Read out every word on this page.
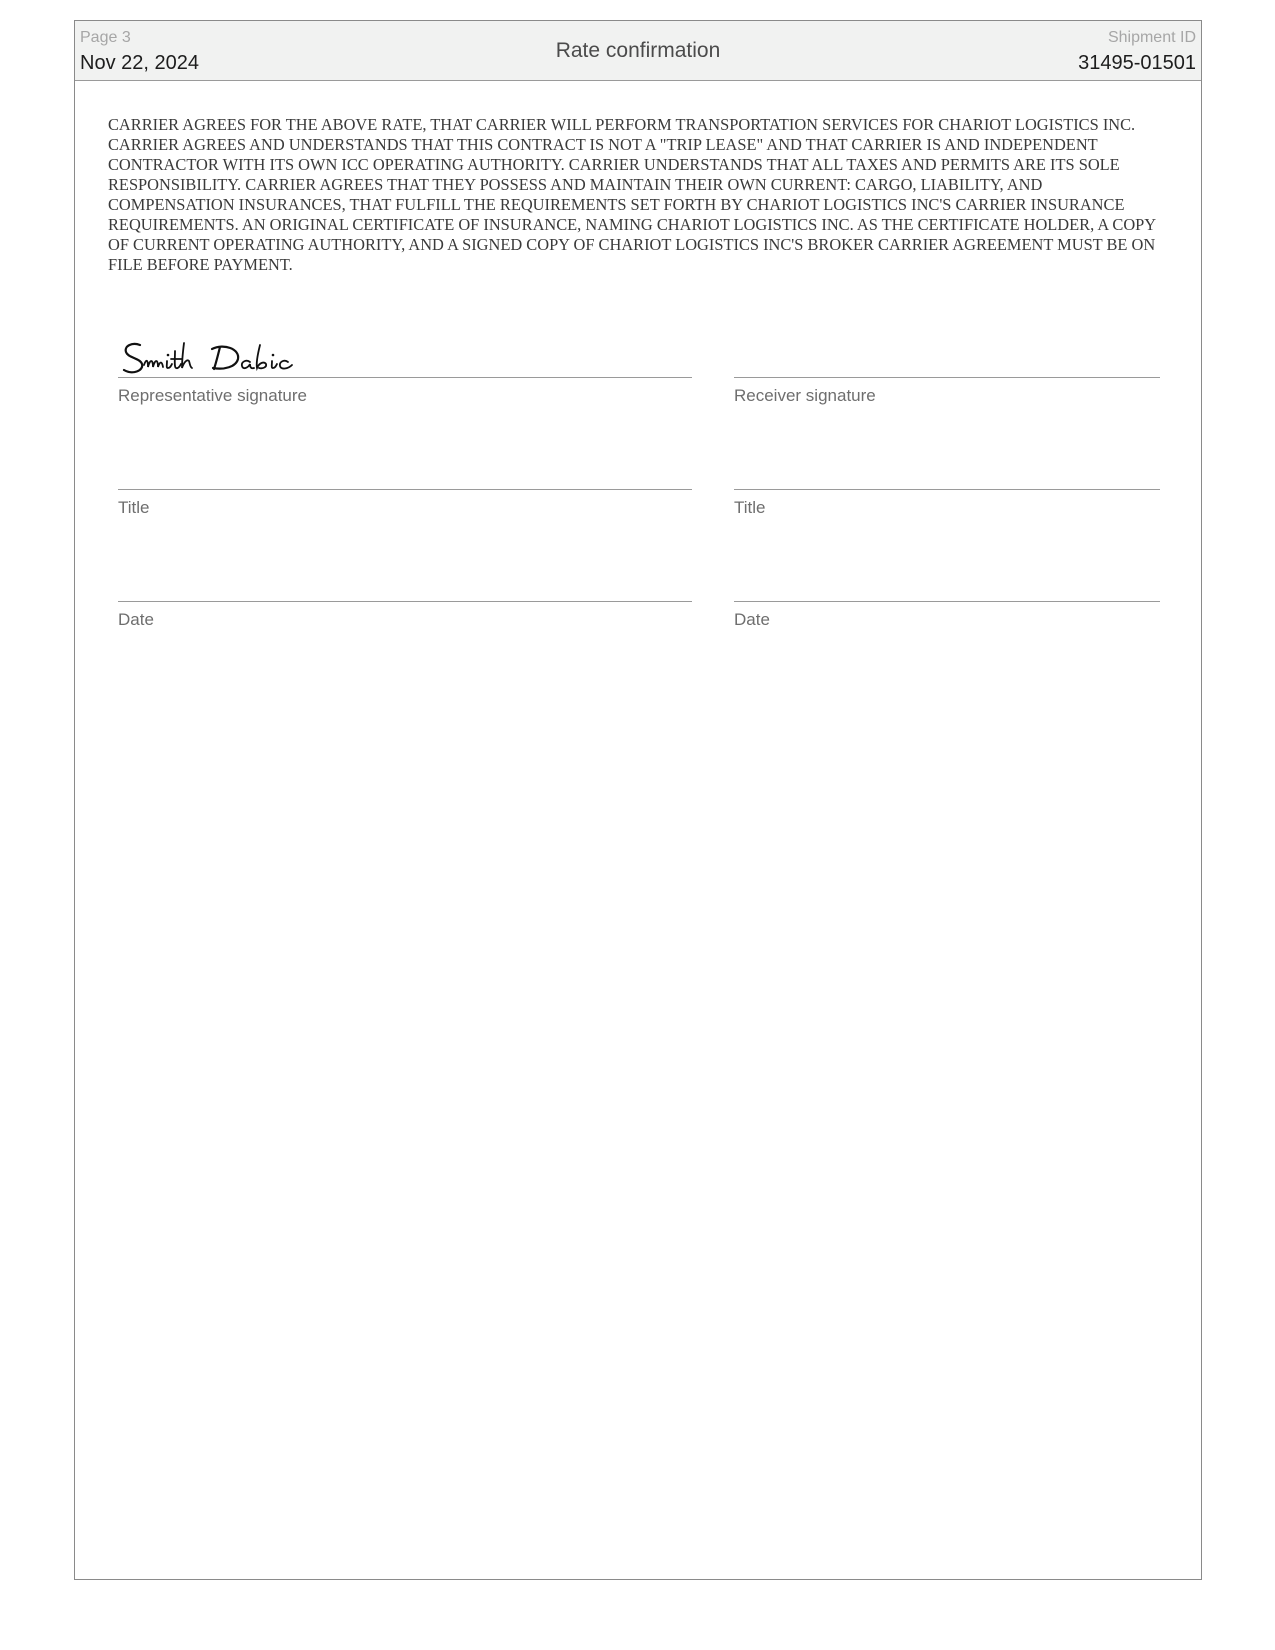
Page 3
Nov 22, 2024
Rate confirmation
Shipment ID
31495-01501

CARRIER AGREES FOR THE ABOVE RATE, THAT CARRIER WILL PERFORM TRANSPORTATION SERVICES FOR CHARIOT LOGISTICS INC. CARRIER AGREES AND UNDERSTANDS THAT THIS CONTRACT IS NOT A "TRIP LEASE" AND THAT CARRIER IS AND INDEPENDENT CONTRACTOR WITH ITS OWN ICC OPERATING AUTHORITY. CARRIER UNDERSTANDS THAT ALL TAXES AND PERMITS ARE ITS SOLE RESPONSIBILITY. CARRIER AGREES THAT THEY POSSESS AND MAINTAIN THEIR OWN CURRENT: CARGO, LIABILITY, AND COMPENSATION INSURANCES, THAT FULFILL THE REQUIREMENTS SET FORTH BY CHARIOT LOGISTICS INC'S CARRIER INSURANCE REQUIREMENTS. AN ORIGINAL CERTIFICATE OF INSURANCE, NAMING CHARIOT LOGISTICS INC. AS THE CERTIFICATE HOLDER, A COPY OF CURRENT OPERATING AUTHORITY, AND A SIGNED COPY OF CHARIOT LOGISTICS INC'S BROKER CARRIER AGREEMENT MUST BE ON FILE BEFORE PAYMENT.

Representative signature
Title
Date
Receiver signature
Title
Date
